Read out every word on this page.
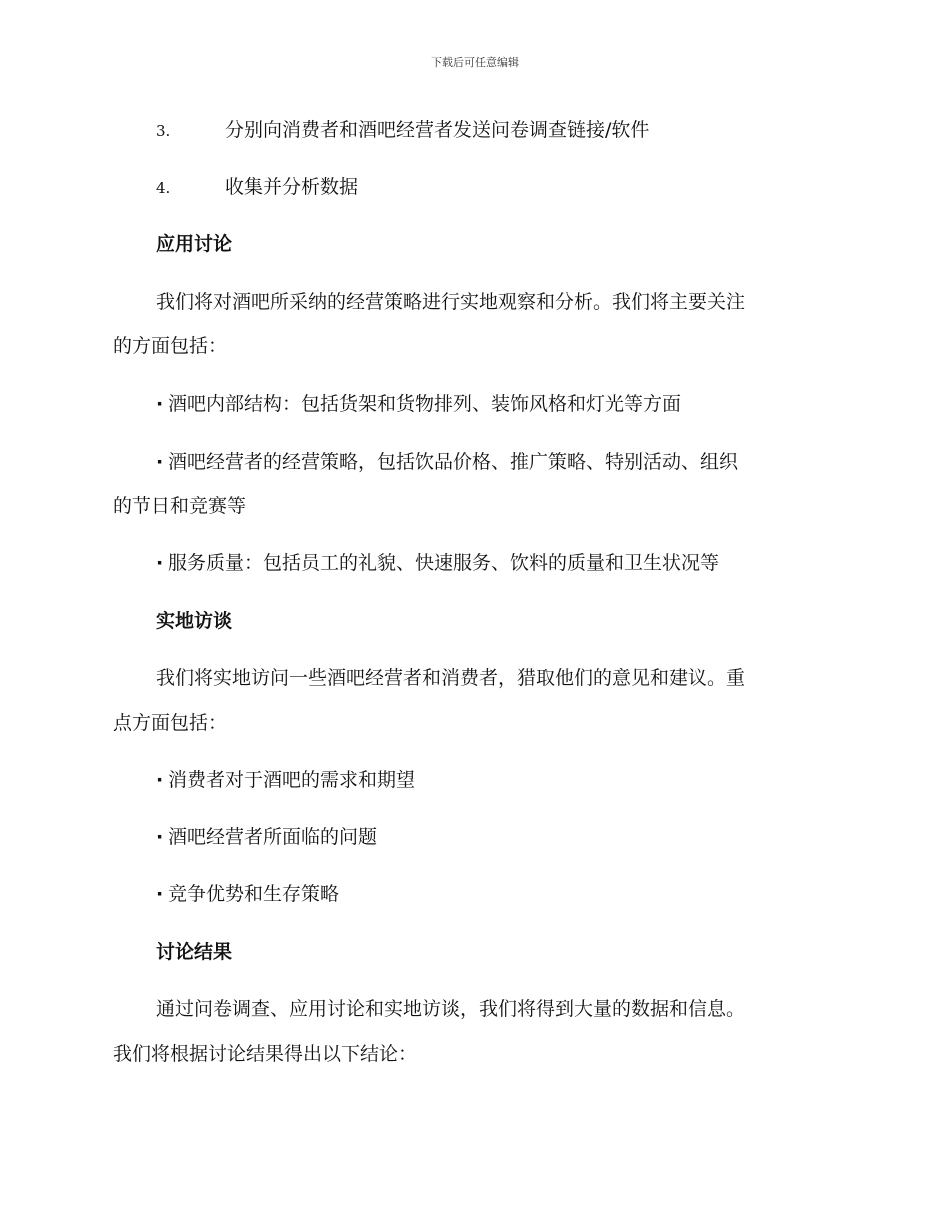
下载后可任意编辑
3.	分别向消费者和酒吧经营者发送问卷调查链接/软件
4.	收集并分析数据
应用讨论
我们将对酒吧所采纳的经营策略进行实地观察和分析。我们将主要关注
的方面包括：
· 酒吧内部结构：包括货架和货物排列、装饰风格和灯光等方面
· 酒吧经营者的经营策略，包括饮品价格、推广策略、特别活动、组织
的节日和竞赛等
· 服务质量：包括员工的礼貌、快速服务、饮料的质量和卫生状况等
实地访谈
我们将实地访问一些酒吧经营者和消费者，猎取他们的意见和建议。重
点方面包括：
· 消费者对于酒吧的需求和期望
· 酒吧经营者所面临的问题
· 竞争优势和生存策略
讨论结果
通过问卷调查、应用讨论和实地访谈，我们将得到大量的数据和信息。
我们将根据讨论结果得出以下结论：
